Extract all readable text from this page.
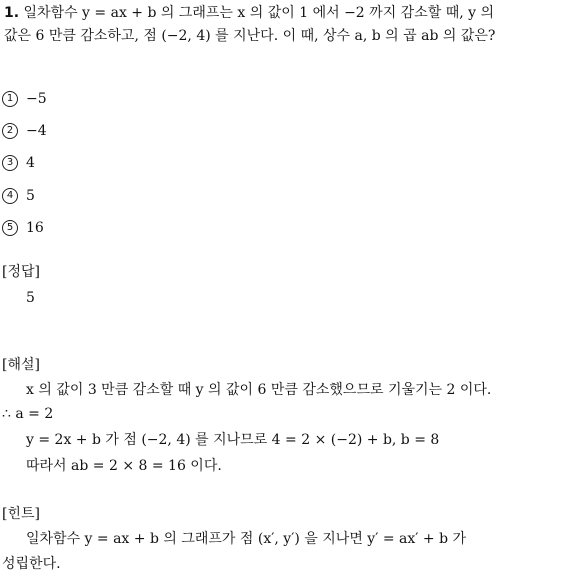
1. 일차함수 y = ax + b 의 그래프는 x 의 값이 1 에서 −2 까지 감소할 때, y 의
값은 6 만큼 감소하고, 점 (−2, 4) 를 지난다. 이 때, 상수 a, b 의 곱 ab 의 값은?
1 −5
2 −4
3 4
4 5
5 16
[정답]
5
[해설]
x 의 값이 3 만큼 감소할 때 y 의 값이 6 만큼 감소했으므로 기울기는 2 이다.
∴ a = 2
y = 2x + b 가 점 (−2, 4) 를 지나므로 4 = 2 × (−2) + b, b = 8
따라서 ab = 2 × 8 = 16 이다.
[힌트]
일차함수 y = ax + b 의 그래프가 점 (x′, y′) 을 지나면 y′ = ax′ + b 가
성립한다.
